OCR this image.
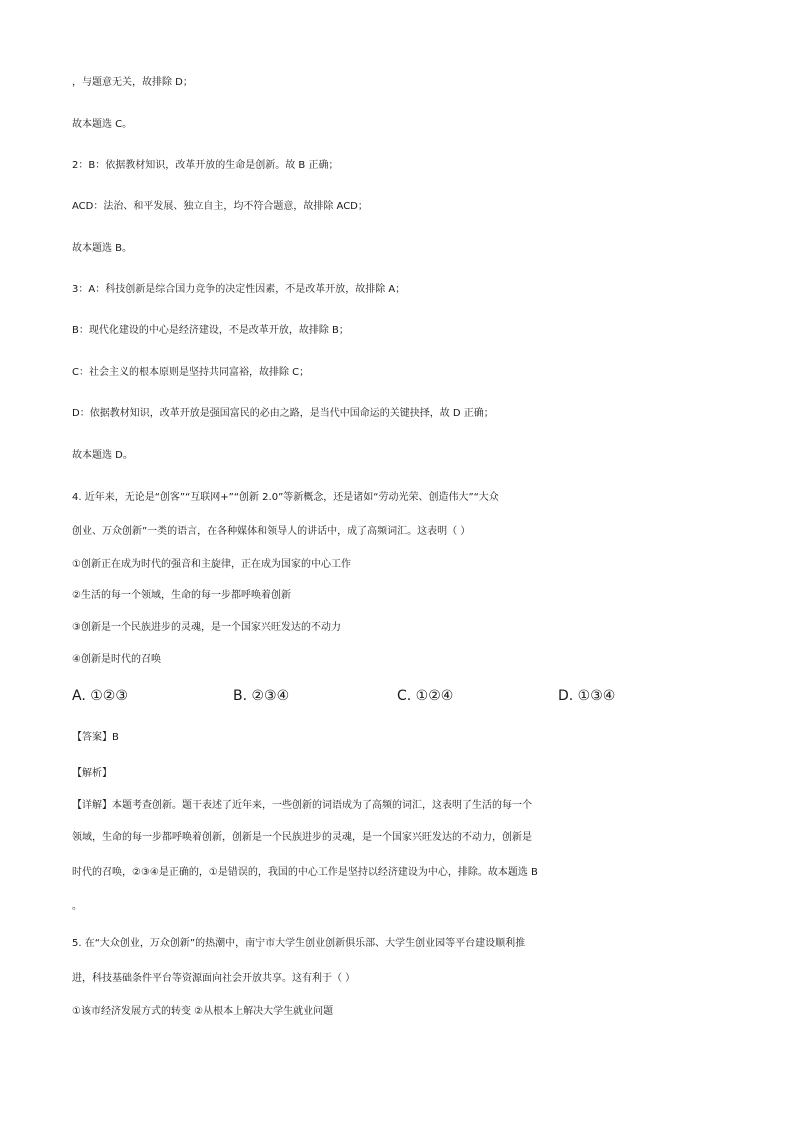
，与题意无关，故排除 D；
故本题选 C。
2：B：依据教材知识，改革开放的生命是创新。故 B 正确；
ACD：法治、和平发展、独立自主，均不符合题意，故排除 ACD；
故本题选 B。
3：A：科技创新是综合国力竞争的决定性因素，不是改革开放，故排除 A；
B：现代化建设的中心是经济建设，不是改革开放，故排除 B；
C：社会主义的根本原则是坚持共同富裕，故排除 C；
D：依据教材知识，改革开放是强国富民的必由之路，是当代中国命运的关键抉择，故 D 正确；
故本题选 D。
4. 近年来，无论是“创客”“互联网+”“创新 2.0”等新概念，还是诸如“劳动光荣、创造伟大”“大众
创业、万众创新”一类的语言，在各种媒体和领导人的讲话中，成了高频词汇。这表明（ ）
①创新正在成为时代的强音和主旋律，正在成为国家的中心工作
②生活的每一个领域，生命的每一步都呼唤着创新
③创新是一个民族进步的灵魂，是一个国家兴旺发达的不动力
④创新是时代的召唤
A. ①②③	B. ②③④	C. ①②④	D. ①③④
【答案】B
【解析】
【详解】本题考查创新。题干表述了近年来，一些创新的词语成为了高频的词汇，这表明了生活的每一个
领域，生命的每一步都呼唤着创新，创新是一个民族进步的灵魂，是一个国家兴旺发达的不动力，创新是
时代的召唤，②③④是正确的，①是错误的，我国的中心工作是坚持以经济建设为中心，排除。故本题选 B
。
5. 在“大众创业，万众创新”的热潮中，南宁市大学生创业创新俱乐部、大学生创业园等平台建设顺利推
进，科技基础条件平台等资源面向社会开放共享。这有利于（ ）
①该市经济发展方式的转变 ②从根本上解决大学生就业问题
